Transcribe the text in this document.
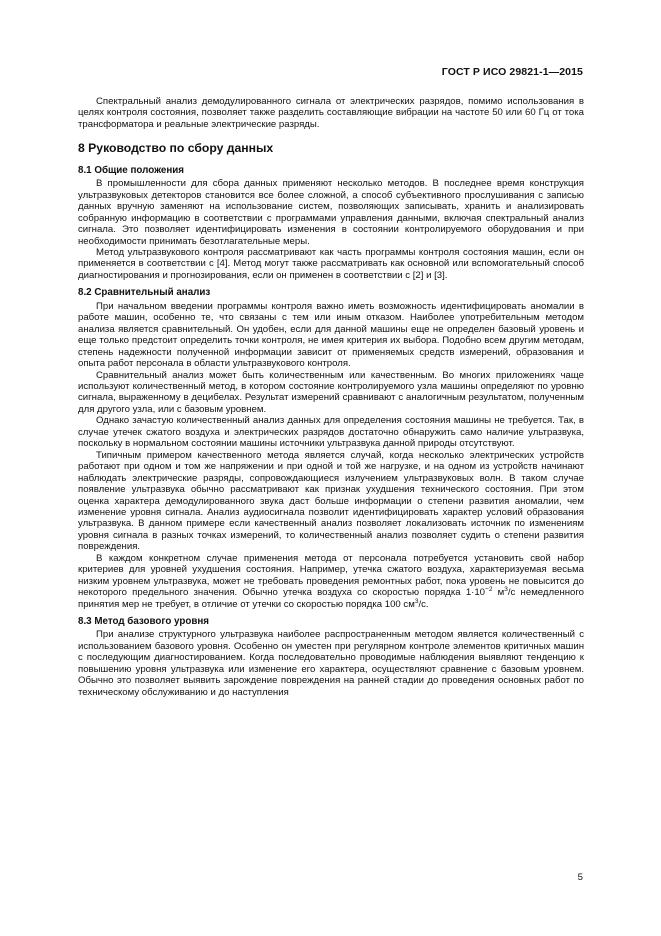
ГОСТ Р ИСО 29821-1—2015

Спектральный анализ демодулированного сигнала от электрических разрядов, помимо использования в целях контроля состояния, позволяет также разделить составляющие вибрации на частоте 50 или 60 Гц от тока трансформатора и реальные электрические разряды.

8 Руководство по сбору данных
8.1 Общие положения

В промышленности для сбора данных применяют несколько методов. В последнее время конструкция ультразвуковых детекторов становится все более сложной, а способ субъективного прослушивания с записью данных вручную заменяют на использование систем, позволяющих записывать, хранить и анализировать собранную информацию в соответствии с программами управления данными, включая спектральный анализ сигнала. Это позволяет идентифицировать изменения в состоянии контролируемого оборудования и при необходимости принимать безотлагательные меры.

Метод ультразвукового контроля рассматривают как часть программы контроля состояния машин, если он применяется в соответствии с [4]. Метод могут также рассматривать как основной или вспомогательный способ диагностирования и прогнозирования, если он применен в соответствии с [2] и [3].

8.2 Сравнительный анализ

При начальном введении программы контроля важно иметь возможность идентифицировать аномалии в работе машин, особенно те, что связаны с тем или иным отказом. Наиболее употребительным методом анализа является сравнительный. Он удобен, если для данной машины еще не определен базовый уровень и еще только предстоит определить точки контроля, не имея критерия их выбора. Подобно всем другим методам, степень надежности полученной информации зависит от применяемых средств измерений, образования и опыта работ персонала в области ультразвукового контроля.

Сравнительный анализ может быть количественным или качественным. Во многих приложениях чаще используют количественный метод, в котором состояние контролируемого узла машины определяют по уровню сигнала, выраженному в децибелах. Результат измерений сравнивают с аналогичным результатом, полученным для другого узла, или с базовым уровнем.

Однако зачастую количественный анализ данных для определения состояния машины не требуется. Так, в случае утечек сжатого воздуха и электрических разрядов достаточно обнаружить само наличие ультразвука, поскольку в нормальном состоянии машины источники ультразвука данной природы отсутствуют.

Типичным примером качественного метода является случай, когда несколько электрических устройств работают при одном и том же напряжении и при одной и той же нагрузке, и на одном из устройств начинают наблюдать электрические разряды, сопровождающиеся излучением ультразвуковых волн. В таком случае появление ультразвука обычно рассматривают как признак ухудшения технического состояния. При этом оценка характера демодулированного звука даст больше информации о степени развития аномалии, чем изменение уровня сигнала. Анализ аудиосигнала позволит идентифицировать характер условий образования ультразвука. В данном примере если качественный анализ позволяет локализовать источник по изменениям уровня сигнала в разных точках измерений, то количественный анализ позволяет судить о степени развития повреждения.

В каждом конкретном случае применения метода от персонала потребуется установить свой набор критериев для уровней ухудшения состояния. Например, утечка сжатого воздуха, характеризуемая весьма низким уровнем ультразвука, может не требовать проведения ремонтных работ, пока уровень не повысится до некоторого предельного значения. Обычно утечка воздуха со скоростью порядка $1\cdot 10^{-2}$ $м^3/с$ немедленного принятия мер не требует, в отличие от утечки со скоростью порядка 100 $см^3/с$.

8.3 Метод базового уровня

При анализе структурного ультразвука наиболее распространенным методом является количественный с использованием базового уровня. Особенно он уместен при регулярном контроле элементов критичных машин с последующим диагностированием. Когда последовательно проводимые наблюдения выявляют тенденцию к повышению уровня ультразвука или изменение его характера, осуществляют сравнение с базовым уровнем. Обычно это позволяет выявить зарождение повреждения на ранней стадии до проведения основных работ по техническому обслуживанию и до наступления

5
